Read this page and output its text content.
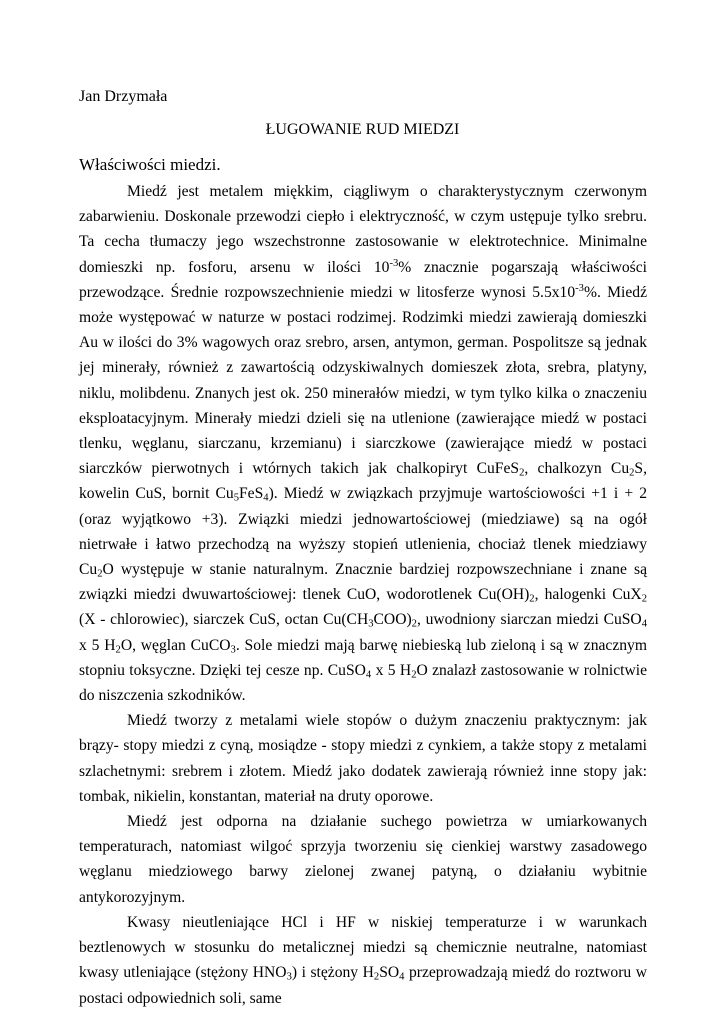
Jan Drzymała
ŁUGOWANIE RUD MIEDZI
Właściwości miedzi.

Miedź jest metalem miękkim, ciągliwym o charakterystycznym czerwonym zabarwieniu. Doskonale przewodzi ciepło i elektryczność, w czym ustępuje tylko srebru. Ta cecha tłumaczy jego wszechstronne zastosowanie w elektrotechnice. Minimalne domieszki np. fosforu, arsenu w ilości $10^{-3}\%$ znacznie pogarszają właściwości przewodzące. Średnie rozpowszechnienie miedzi w litosferze wynosi $5.5x10^{-3}\%$. Miedź może występować w naturze w postaci rodzimej. Rodzimki miedzi zawierają domieszki Au w ilości do 3% wagowych oraz srebro, arsen, antymon, german. Pospolitsze są jednak jej minerały, również z zawartością odzyskiwalnych domieszek złota, srebra, platyny, niklu, molibdenu. Znanych jest ok. 250 minerałów miedzi, w tym tylko kilka o znaczeniu eksploatacyjnym. Minerały miedzi dzieli się na utlenione (zawierające miedź w postaci tlenku, węglanu, siarczanu, krzemianu) i siarczkowe (zawierające miedź w postaci siarczków pierwotnych i wtórnych takich jak chalkopiryt CuFeS$_2$, chalkozyn $Cu_2S$, kowelin CuS, bornit $Cu_5FeS_4$). Miedź w związkach przyjmuje wartościowości +1 i + 2 (oraz wyjątkowo +3). Związki miedzi jednowartościowej (miedziawe) są na ogół nietrwałe i łatwo przechodzą na wyższy stopień utlenienia, chociaż tlenek miedziawy $Cu_2O$ występuje w stanie naturalnym. Znacznie bardziej rozpowszechniane i znane są związki miedzi dwuwartościowej: tlenek CuO, wodorotlenek $Cu(OH)_2$, halogenki CuX$_2$ (X - chlorowiec), siarczek CuS, octan $Cu(CH_3COO)_2$, uwodniony siarczan miedzi CuSO$_4$ x 5 $H_2O$, węglan CuCO$_3$. Sole miedzi mają barwę niebieską lub zieloną i są w znacznym stopniu toksyczne. Dzięki tej cesze np. CuSO$_4$ x 5 $H_2O$ znalazł zastosowanie w rolnictwie do niszczenia szkodników.

Miedź tworzy z metalami wiele stopów o dużym znaczeniu praktycznym: jak brązy- stopy miedzi z cyną, mosiądze - stopy miedzi z cynkiem, a także stopy z metalami szlachetnymi: srebrem i złotem. Miedź jako dodatek zawierają również inne stopy jak: tombak, nikielin, konstantan, materiał na druty oporowe.

Miedź jest odporna na działanie suchego powietrza w umiarkowanych temperaturach, natomiast wilgoć sprzyja tworzeniu się cienkiej warstwy zasadowego węglanu miedziowego barwy zielonej zwanej patyną, o działaniu wybitnie antykorozyjnym.

Kwasy nieutleniające HCl i HF w niskiej temperaturze i w warunkach beztlenowych w stosunku do metalicznej miedzi są chemicznie neutralne, natomiast kwasy utleniające (stężony $HNO_3$) i stężony $H_2SO_4$ przeprowadzają miedź do roztworu w postaci odpowiednich soli, same
